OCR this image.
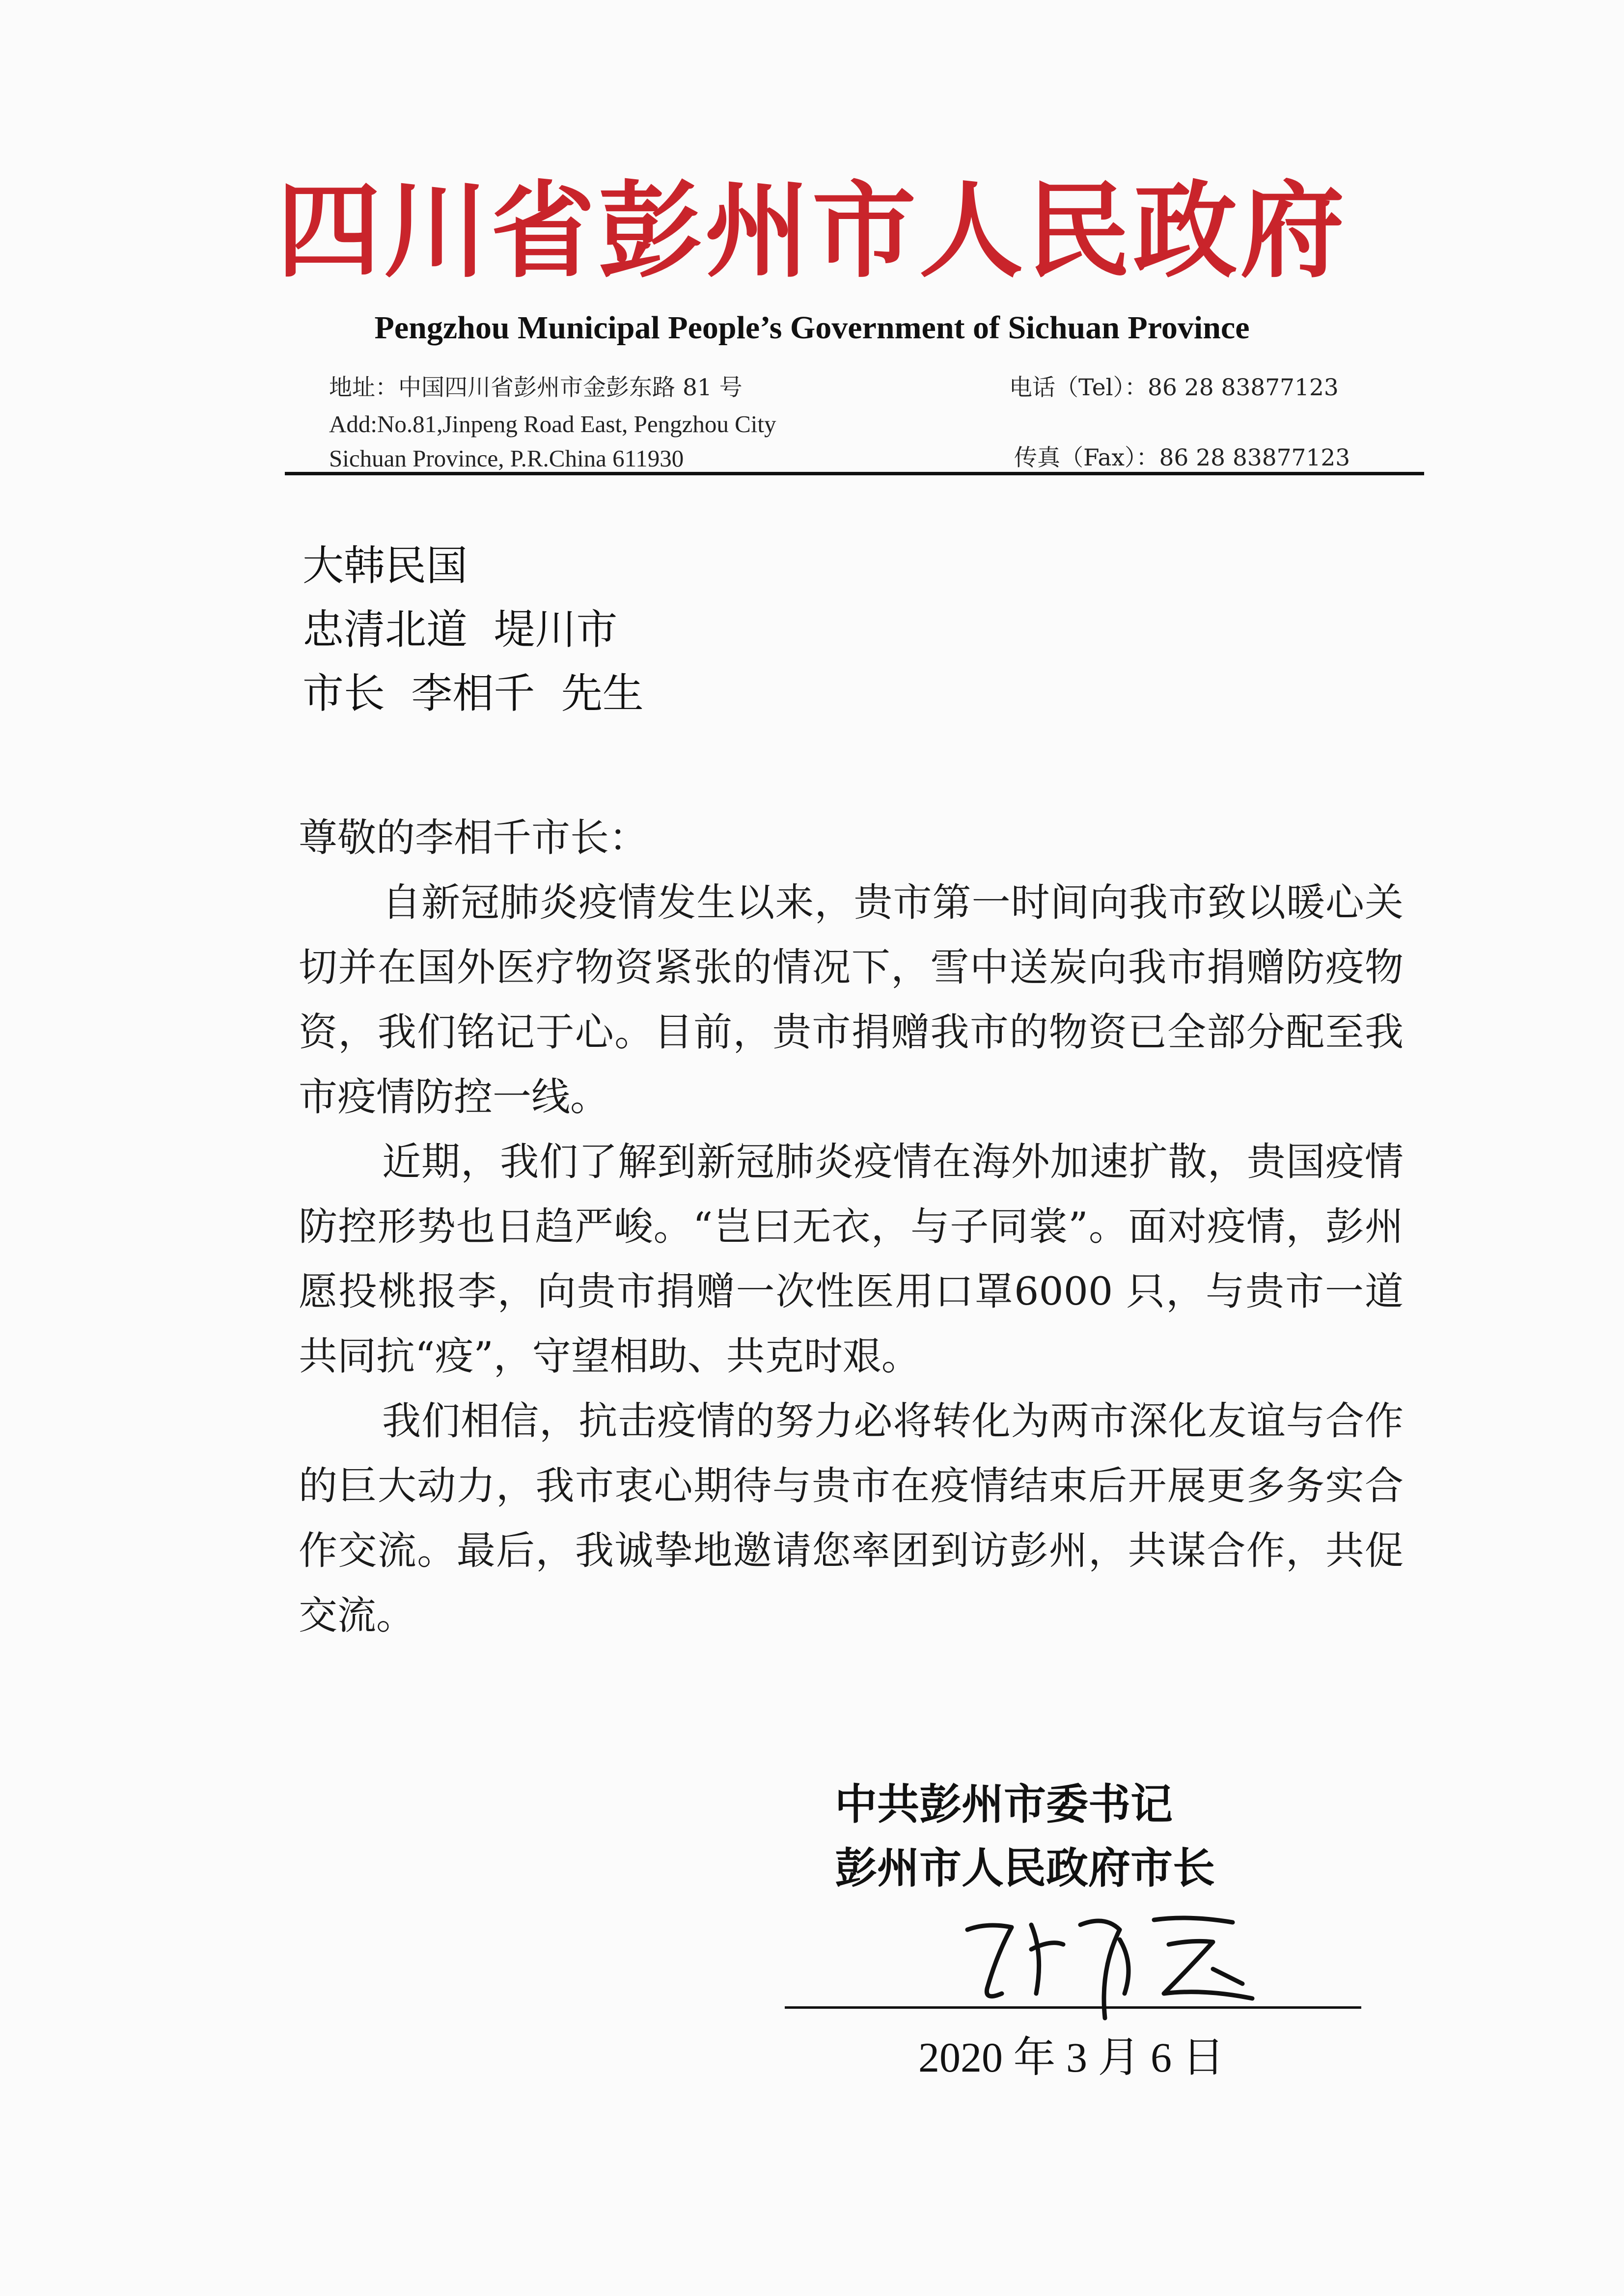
四川省彭州市人民政府
Pengzhou Municipal People’s Government of Sichuan Province
地址：中国四川省彭州市金彭东路 81 号	电话（Tel）：86 28 83877123
Add:No.81,Jinpeng Road East, Pengzhou City
Sichuan Province, P.R.China 611930	传真（Fax）：86 28 83877123
大韩民国
忠清北道  堤川市
市长  李相千  先生

尊敬的李相千市长：

自新冠肺炎疫情发生以来，贵市第一时间向我市致以暖心关切并在国外医疗物资紧张的情况下，雪中送炭向我市捐赠防疫物资，我们铭记于心。目前，贵市捐赠我市的物资已全部分配至我市疫情防控一线。

近期，我们了解到新冠肺炎疫情在海外加速扩散，贵国疫情防控形势也日趋严峻。“岂曰无衣，与子同裳”。面对疫情，彭州愿投桃报李，向贵市捐赠一次性医用口罩6000 只，与贵市一道共同抗“疫”，守望相助、共克时艰。

我们相信，抗击疫情的努力必将转化为两市深化友谊与合作的巨大动力，我市衷心期待与贵市在疫情结束后开展更多务实合作交流。最后，我诚挚地邀请您率团到访彭州，共谋合作，共促交流。

中共彭州市委书记
彭州市人民政府市长
2020 年 3 月 6 日
